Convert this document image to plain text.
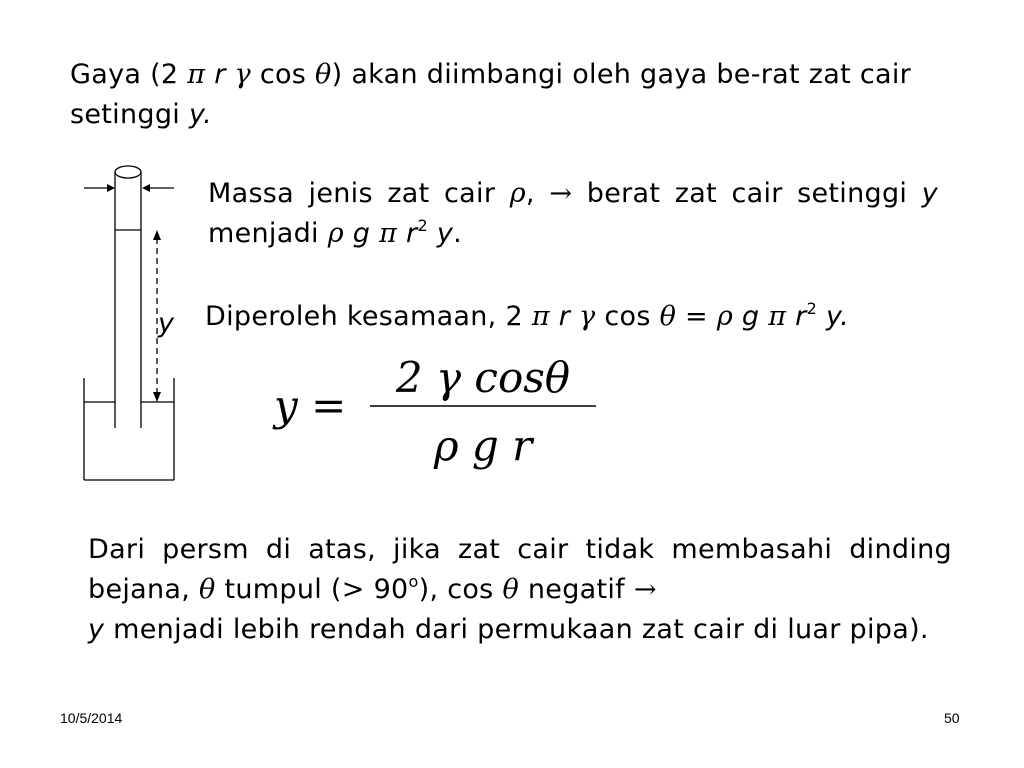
Gaya (2 π r γ cos θ) akan diimbangi oleh gaya be-rat zat cair setinggi y.
y
Massa jenis zat cair ρ, → berat zat cair setinggi y menjadi ρ g π $r^2$ y.
Diperoleh kesamaan, 2 π r γ cos θ = ρ g π $r^2$ y.
y =
2 γ cosθ
ρ g r
Dari persm di atas, jika zat cair tidak membasahi dinding bejana, θ tumpul (> $90^o$), cos θ negatif →
y menjadi lebih rendah dari permukaan zat cair di luar pipa).
10/5/2014	50
